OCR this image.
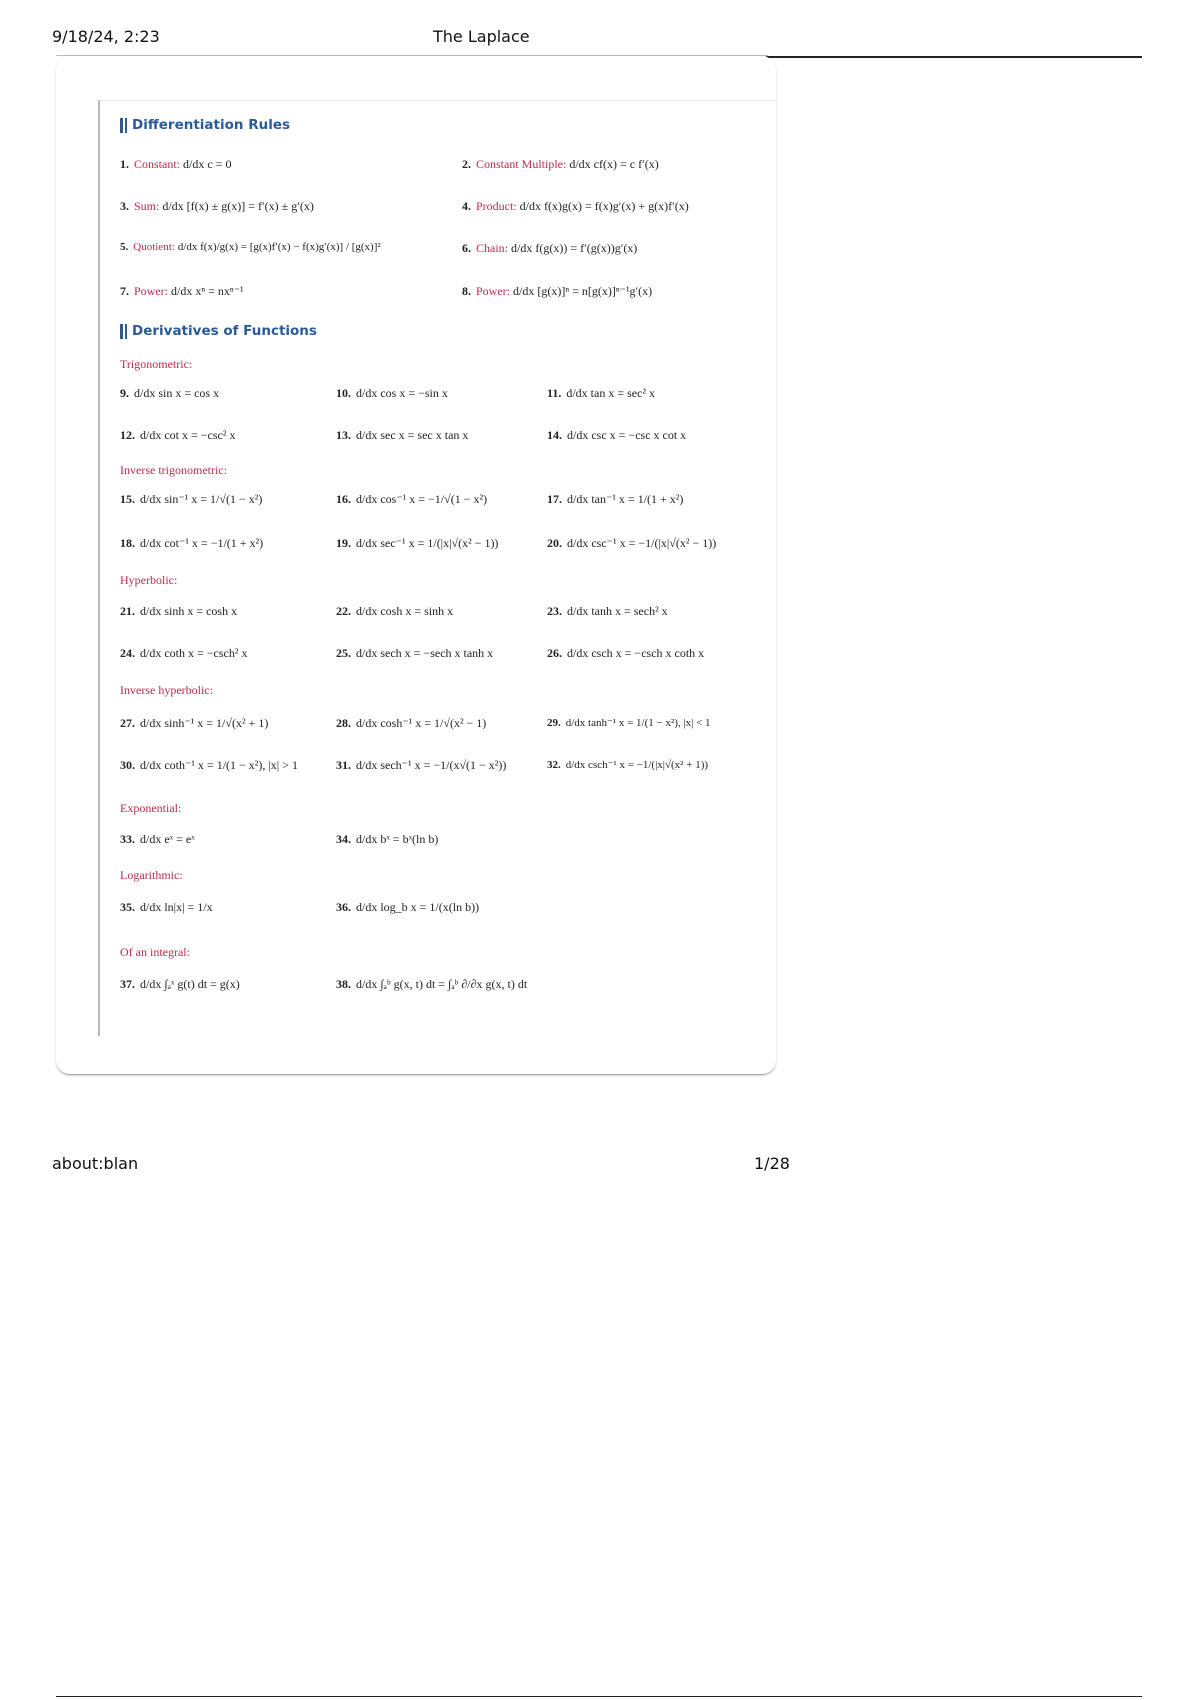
9/18/24, 2:23	The Laplace
Differentiation Rules
1. Constant: d/dx c = 0	2. Constant Multiple: d/dx cf(x) = c f′(x)
3. Sum: d/dx [f(x) ± g(x)] = f′(x) ± g′(x)	4. Product: d/dx f(x)g(x) = f(x)g′(x) + g(x)f′(x)
5. Quotient: d/dx f(x)/g(x) = [g(x)f′(x) − f(x)g′(x)] / [g(x)]²	6. Chain: d/dx f(g(x)) = f′(g(x))g′(x)
7. Power: d/dx xⁿ = nxⁿ⁻¹	8. Power: d/dx [g(x)]ⁿ = n[g(x)]ⁿ⁻¹g′(x)
Derivatives of Functions
Trigonometric:
9. d/dx sin x = cos x	10. d/dx cos x = −sin x	11. d/dx tan x = sec² x
12. d/dx cot x = −csc² x	13. d/dx sec x = sec x tan x	14. d/dx csc x = −csc x cot x
Inverse trigonometric:
15. d/dx sin⁻¹ x = 1/√(1 − x²)	16. d/dx cos⁻¹ x = −1/√(1 − x²)	17. d/dx tan⁻¹ x = 1/(1 + x²)
18. d/dx cot⁻¹ x = −1/(1 + x²)	19. d/dx sec⁻¹ x = 1/(|x|√(x² − 1))	20. d/dx csc⁻¹ x = −1/(|x|√(x² − 1))
Hyperbolic:
21. d/dx sinh x = cosh x	22. d/dx cosh x = sinh x	23. d/dx tanh x = sech² x
24. d/dx coth x = −csch² x	25. d/dx sech x = −sech x tanh x	26. d/dx csch x = −csch x coth x
Inverse hyperbolic:
27. d/dx sinh⁻¹ x = 1/√(x² + 1)	28. d/dx cosh⁻¹ x = 1/√(x² − 1)	29. d/dx tanh⁻¹ x = 1/(1 − x²), |x| < 1
30. d/dx coth⁻¹ x = 1/(1 − x²), |x| > 1	31. d/dx sech⁻¹ x = −1/(x√(1 − x²))	32. d/dx csch⁻¹ x = −1/(|x|√(x² + 1))
Exponential:
33. d/dx eˣ = eˣ	34. d/dx bˣ = bˣ(ln b)
Logarithmic:
35. d/dx ln|x| = 1/x	36. d/dx log_b x = 1/(x(ln b))
Of an integral:
37. d/dx ∫ₐˣ g(t) dt = g(x)	38. d/dx ∫ₐᵇ g(x, t) dt = ∫ₐᵇ ∂/∂x g(x, t) dt
about:blan	1/28
